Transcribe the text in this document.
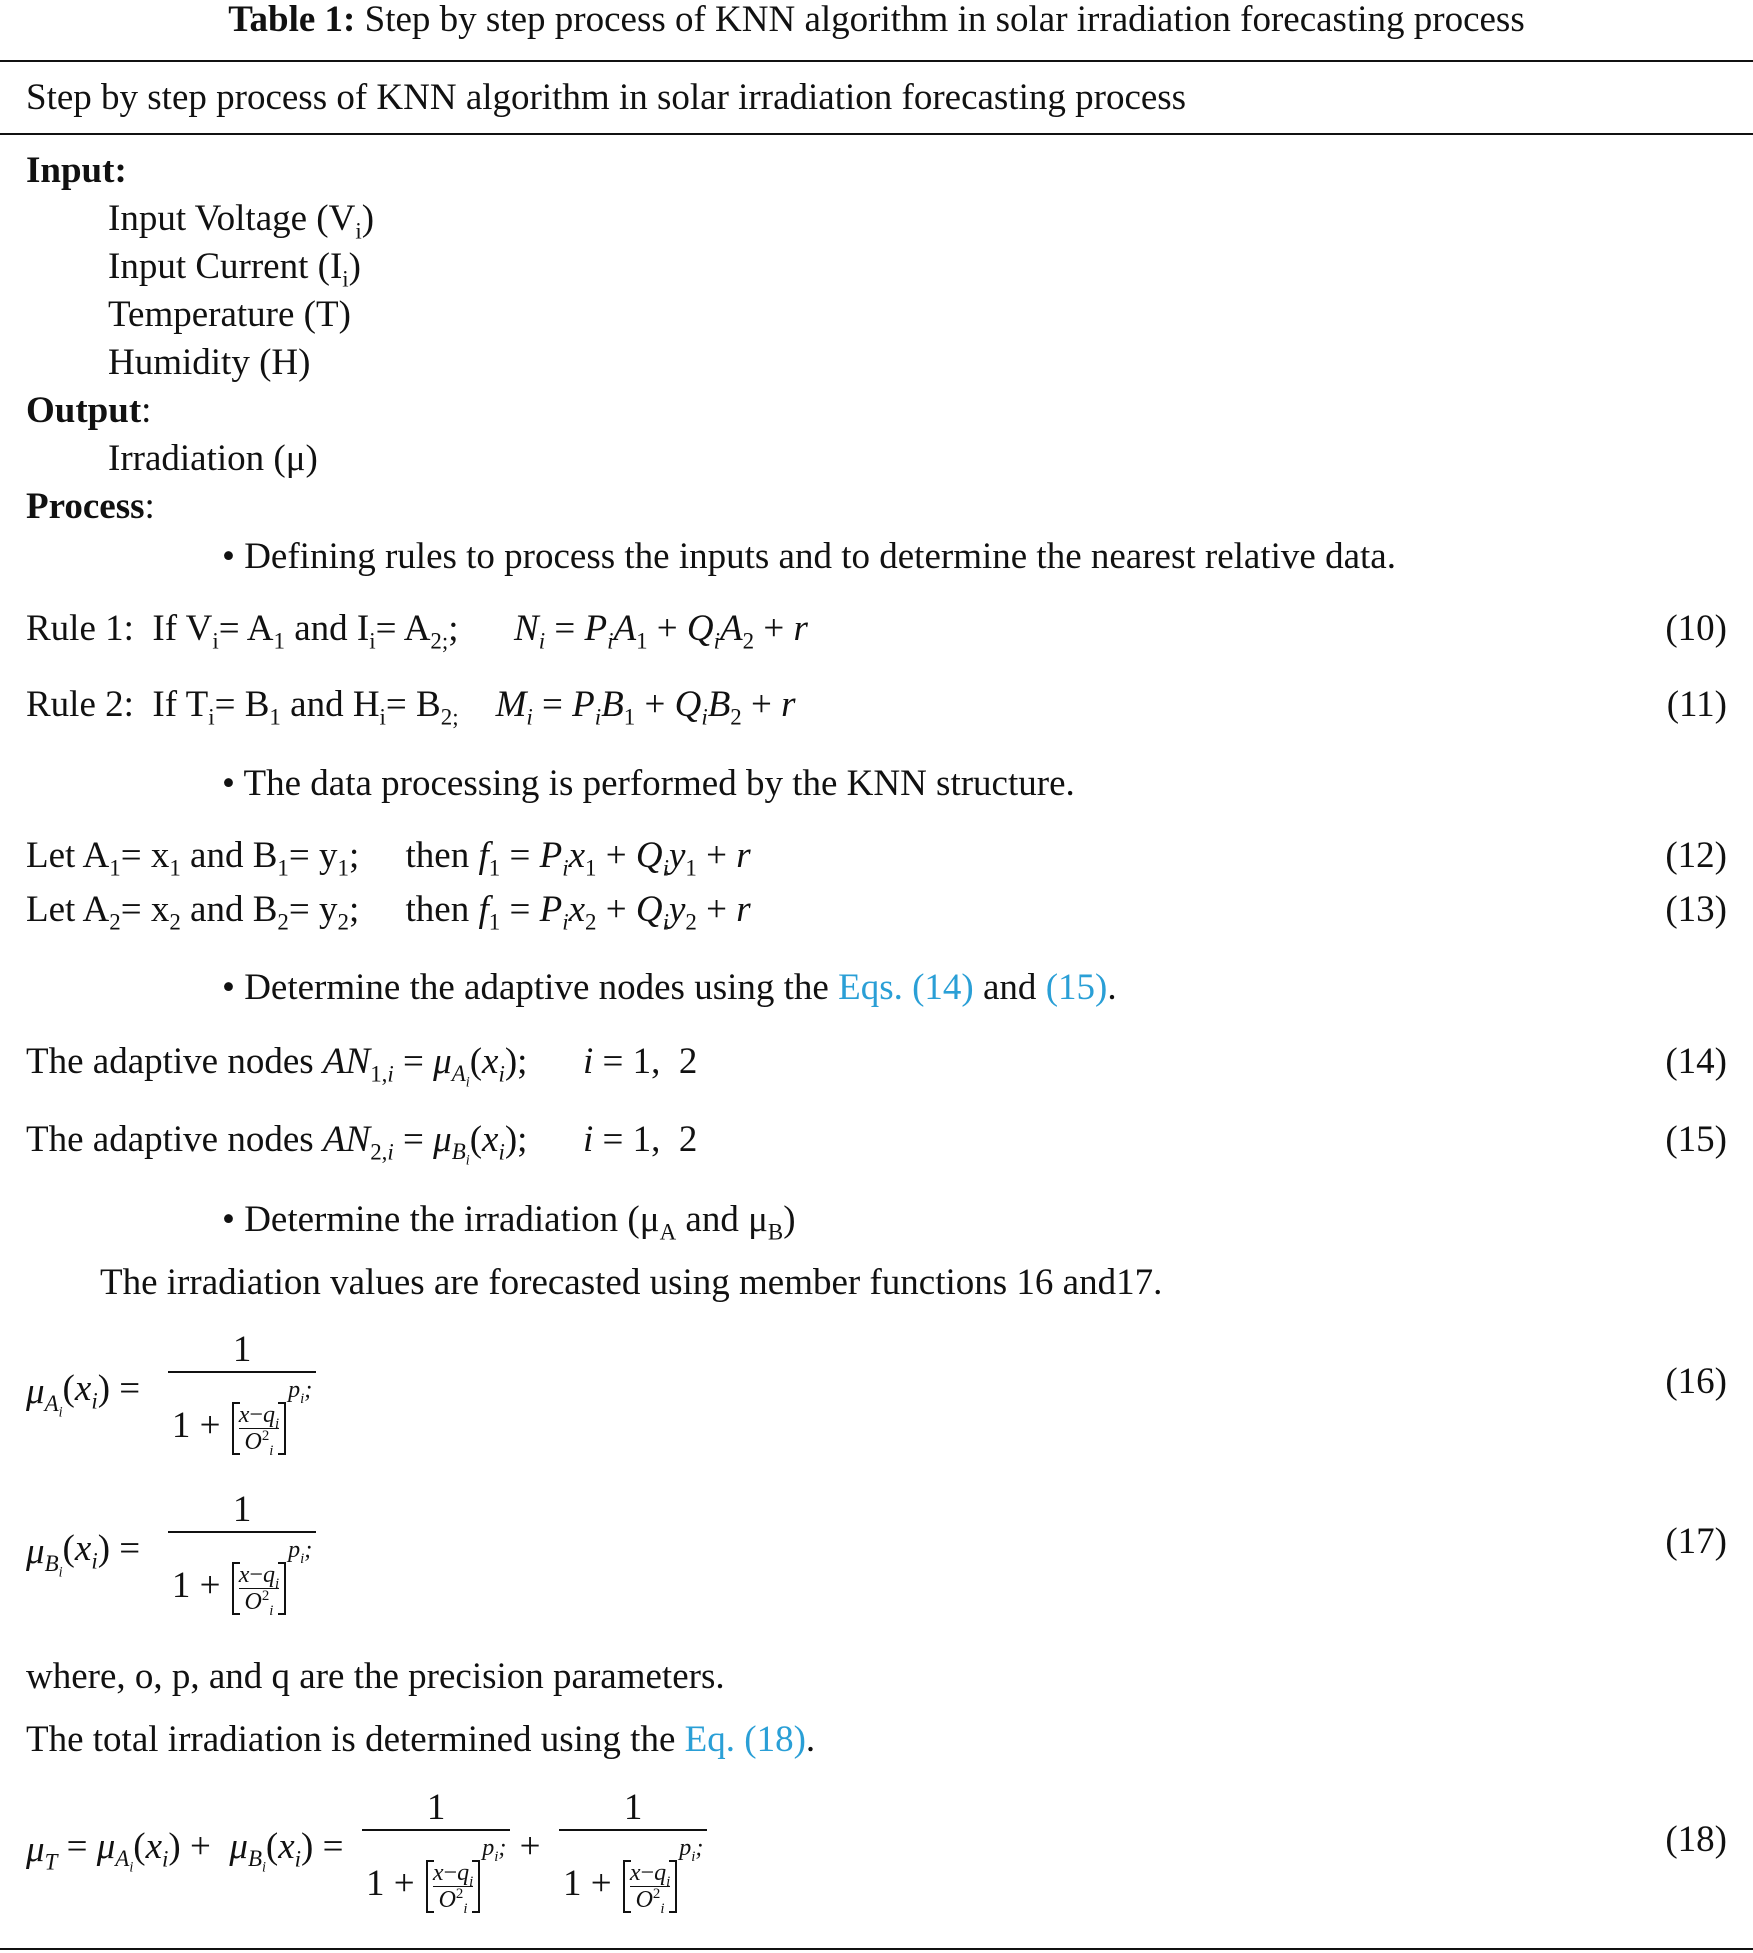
Table 1: Step by step process of KNN algorithm in solar irradiation forecasting process
Step by step process of KNN algorithm in solar irradiation forecasting process
Input:
Input Voltage $(V_i)$
Input Current $(I_i)$
Temperature (T)
Humidity (H)
Output:
Irradiation (μ)
Process:
• Defining rules to process the inputs and to determine the nearest relative data.
Rule 1:  If $V_i= A_1$ and $I_i= A_{2;}$;      $N_i = P_iA_1 + Q_iA_2 + r$	(10)
Rule 2:  If $T_i= B_1$ and $H_i= B_{2;}$ $M_i = P_iB_1 + Q_iB_2 + r$	(11)
• The data processing is performed by the KNN structure.
Let $A_1= x_1$ and $B_1= y_1$;     then $f_1 = P_ix_1 + Q_iy_1 + r$	(12)
Let $A_2= x_2$ and $B_2= y_2$;     then $f_1 = P_ix_2 + Q_iy_2 + r$	(13)
• Determine the adaptive nodes using the Eqs. (14) and (15).
The adaptive nodes $AN_{1,i} = \mu_{A_i}(x_i)$;      i = 1,  2	(14)
The adaptive nodes $AN_{2,i} = \mu_{B_i}(x_i)$;      i = 1,  2	(15)
• Determine the irradiation ($\mu_A$ and $\mu_B$)
The irradiation values are forecasted using member functions 16 and17.
$\mu_{A_i}(x_i) = 1$
$1 + \frac{x-q_i}{O^2_i}$
$^{p_i;}$	(16)
$\mu_{B_i}(x_i) = 1$
$1 + \frac{x-q_i}{O^2_i}$
$^{p_i;}$	(17)
where, o, p, and q are the precision parameters.
The total irradiation is determined using the Eq. (18).
$\mu_T = \mu_{A_i}(x_i) + \mu_{B_i}(x_i) = 1$
$1 + \frac{x-q_i}{O^2_i}$
$^{p_i;}$ + 1
$1 + \frac{x-q_i}{O^2_i}$
$^{p_i;}$	(18)
